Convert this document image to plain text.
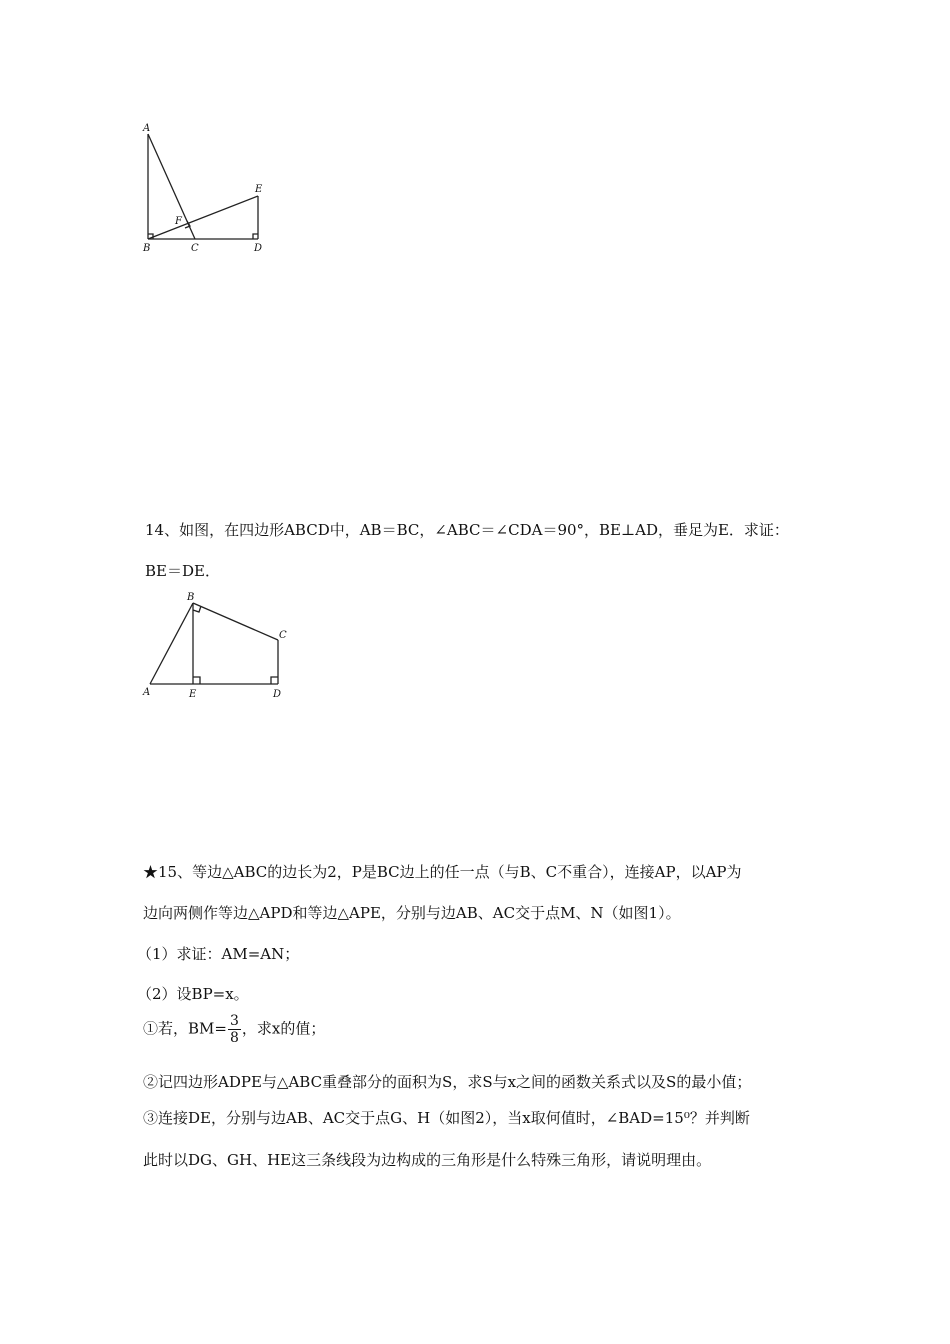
A
B	C	D
E
F
14、如图，在四边形ABCD中，AB＝BC，∠ABC＝∠CDA＝90°，BE⊥AD，垂足为E．求证：
BE＝DE．
A
B
C
D
E
★15、等边△ABC的边长为2，P是BC边上的任一点（与B、C不重合），连接AP，以AP为
边向两侧作等边△APD和等边△APE，分别与边AB、AC交于点M、N（如图1）。
（1）求证：AM=AN；
（2）设BP=x。
①若，$BM= \frac{3}{8}$ ，求x的值；
②记四边形ADPE与△ABC重叠部分的面积为S，求S与x之间的函数关系式以及S的最小值；
③连接DE，分别与边AB、AC交于点G、H（如图2），当x取何值时，∠BAD=15⁰？并判断
此时以DG、GH、HE这三条线段为边构成的三角形是什么特殊三角形，请说明理由。
